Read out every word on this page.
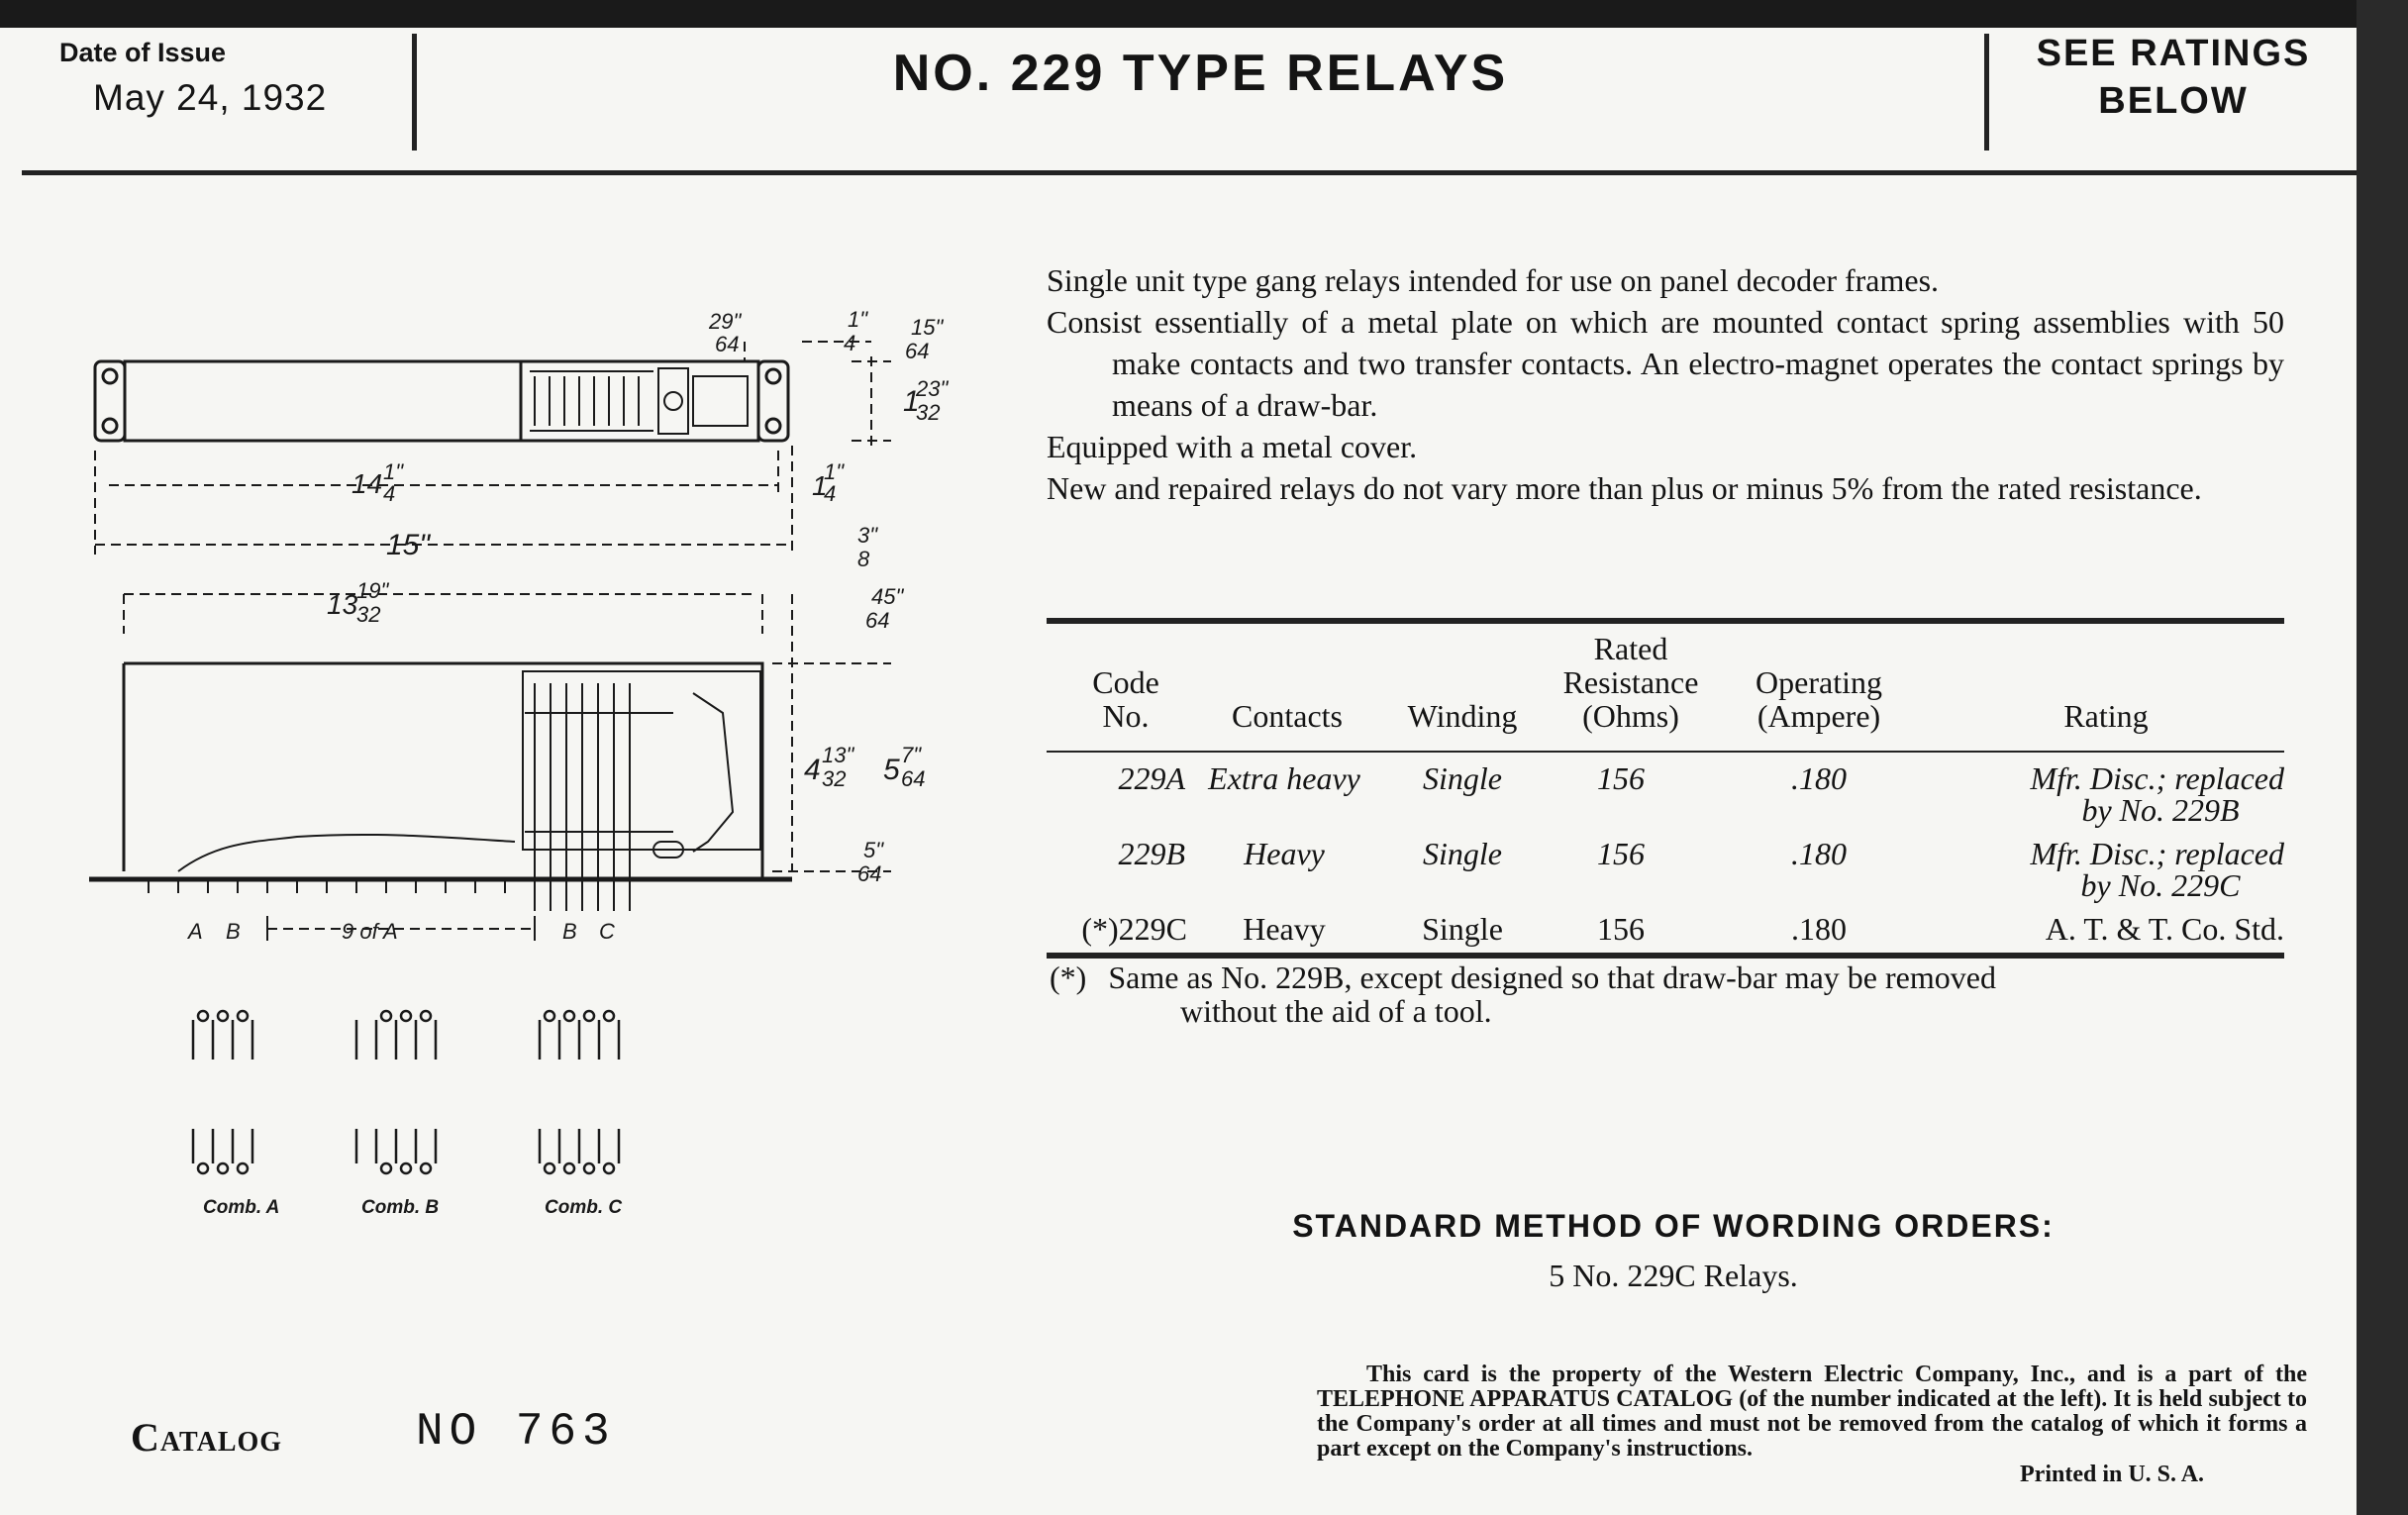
Date of Issue
May 24, 1932	NO. 229 TYPE RELAYS	SEE RATINGS
BELOW
29"
64
1"
4
15"
64
1
23"
32
14 1"
4	1
1"
4
15"	3"
8
13
19"
32
45"
64
4 13"
32 5 7"
64
5"
64
A B	9 of A	B C
Comb. A	Comb. B	Comb. C

Single unit type gang relays intended for use on panel decoder frames.

Consist essentially of a metal plate on which are mounted contact spring assemblies with 50 make contacts and two transfer contacts. An electro-magnet operates the contact springs by means of a draw-bar.

Equipped with a metal cover.

New and repaired relays do not vary more than plus or minus 5% from the rated resistance.

Code
No.	Contacts	Winding
Rated
Resistance
(Ohms)
Operating
(Ampere)	Rating
229A Extra heavy	Single	156	.180	Mfr. Disc.; replaced
by No. 229B
229B	Heavy	Single	156	.180	Mfr. Disc.; replaced
by No. 229C
(*)229C	Heavy	Single	156	.180	A. T. & T. Co. Std.
(*) Same as No. 229B, except designed so that draw-bar may be removed
without the aid of a tool.
STANDARD METHOD OF WORDING ORDERS:
5 No. 229C Relays.
This card is the property of the Western Electric Company, Inc., and is a part of the TELEPHONE APPARATUS CATALOG (of the number indicated at the left). It is held subject to the Company's order at all times and must not be removed from the catalog of which it forms a part except on the Company's instructions.
Printed in U. S. A.
Catalog	NO 763
